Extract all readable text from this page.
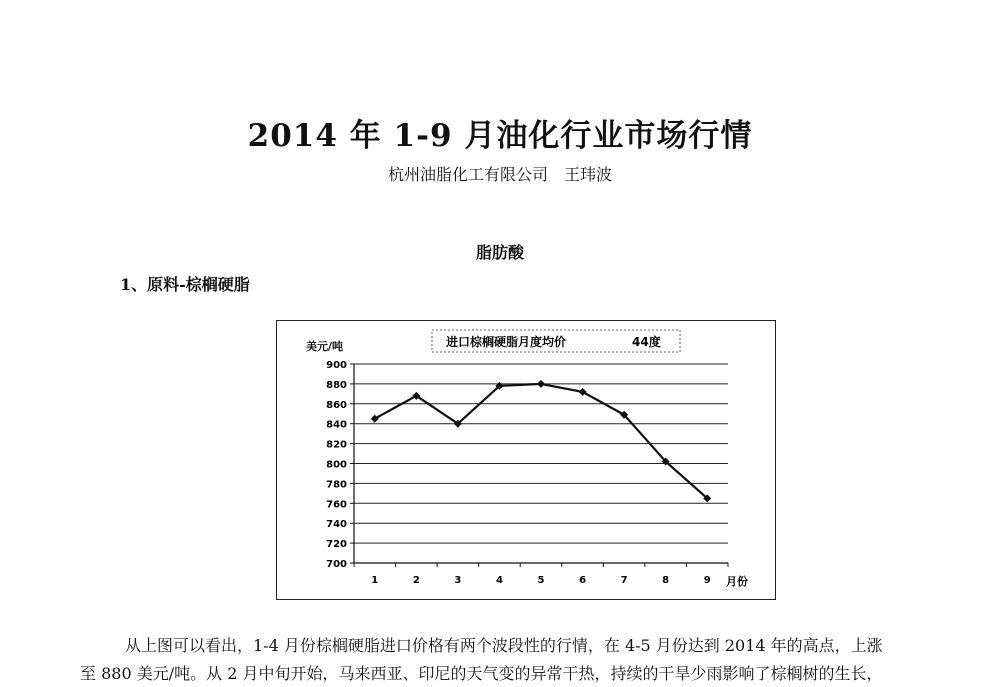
2014 年 1-9 月油化行业市场行情
杭州油脂化工有限公司 王玮波
脂肪酸
1、原料-棕榈硬脂
进口棕榈硬脂月度均价	44度
美元/吨
月份
900
880
860
840
820
800
780
760
740
720
700
1	2	3	4	5	6	7	8	9
从上图可以看出，1-4 月份棕榈硬脂进口价格有两个波段性的行情，在 4-5 月份达到 2014 年的高点，上涨
至 880 美元/吨。从 2 月中旬开始，马来西亚、印尼的天气变的异常干热，持续的干旱少雨影响了棕榈树的生长，
